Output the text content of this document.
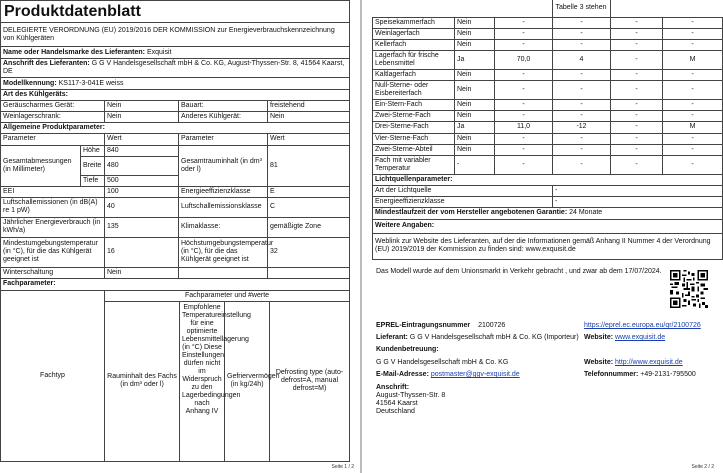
Produktdatenblatt				
DELEGIERTE VERORDNUNG (EU) 2019/2016 DER KOMMISSION zur Energieverbrauchskennzeichnung von Kühlgeräten				
Name oder Handelsmarke des Lieferanten: Exquisit				
Anschrift des Lieferanten: G G V Handelsgesellschaft mbH & Co. KG, August-Thyssen-Str. 8, 41564 Kaarst, DE				
Modellkennung: KS117-3-041E weiss				
Art des Kühlgeräts:				
Geräuscharmes Gerät:		Nein	Bauart:	freistehend
Weinlagerschrank:		Nein	Anderes Kühlgerät:	Nein
Allgemeine Produktparameter:				
Parameter		Wert	Parameter	Wert
Gesamtabmessungen (in Millimeter)	Höhe	840	Gesamtrauminhalt (in dm³ oder l)	81
	Breite	480		
	Tiefe	500		
EEI		100	Energieeffizienzklasse	E
Luftschallemissionen (in dB(A) re 1 pW)		40	Luftschallemissionsklasse	C
Jährlicher Energieverbrauch (in kWh/a)		135	Klimaklasse:	gemäßigte Zone
Mindestumgebungstemperatur (in °C), für die das Kühlgerät geeignet ist		16	Höchstumgebungstemperatur (in °C), für die das Kühlgerät geeignet ist	32
Winterschaltung		Nein		
Fachparameter:				
Fachtyp	Fachparameter und #werte			
	Rauminhalt des Fachs (in dm³ oder l)	Empfohlene Temperatureinstellung für eine optimierte Lebensmittellagerung (in °C) Diese Einstellungen dürfen nicht im Widerspruch zu den Lagerbedingungen nach Anhang IV	Gefriervermögen (in kg/24h)	Defrosting type (auto-defrost=A, manual defrost=M)
Seite 1 / 2
			Tabelle 3 stehen		
Speisekammerfach	Nein	-	-	-	-
Weinlagerfach	Nein	-	-	-	-
Kellerfach	Nein	-	-	-	-
Lagerfach für frische Lebensmittel	Ja	70,0	4	-	M
Kaltlagerfach	Nein	-	-	-	-
Null-Sterne- oder Eisbereiterfach	Nein	-	-	-	-
Ein-Stern-Fach	Nein	-	-	-	-
Zwei-Sterne-Fach	Nein	-	-	-	-
Drei-Sterne-Fach	Ja	11,0	-12	-	M
Vier-Sterne-Fach	Nein	-	-	-	-
Zwei-Sterne-Abteil	Nein	-	-	-	-
Fach mit variabler Temperatur	-	-	-	-	-
Lichtquellenparameter:					
Art der Lichtquelle			-		
Energieeffizienzklasse			-		
Mindestlaufzeit der vom Hersteller angebotenen Garantie: 24 Monate					
Weitere Angaben:					
Weblink zur Website des Lieferanten, auf der die Informationen gemäß Anhang II Nummer 4 der Verordnung (EU) 2019/2019 der Kommission zu finden sind: www.exquisit.de					
Das Modell wurde auf dem Unionsmarkt in Verkehr gebracht , und zwar ab dem 17/07/2024.
EPREL-Eintragungsnummer 2100726	https://eprel.ec.europa.eu/qr/2100726
Lieferant: G G V Handelsgesellschaft mbH & Co. KG (Importeur) Website: www.exquisit.de
Kundenbetreuung:
G G V Handelsgesellschaft mbH & Co. KG	Website: http://www.exquisit.de
E-Mail-Adresse: postmaster@ggv-exquisit.de	Telefonnummer: +49-2131-795500
Anschrift:
August-Thyssen-Str. 8
41564 Kaarst
Deutschland
Seite 2 / 2
